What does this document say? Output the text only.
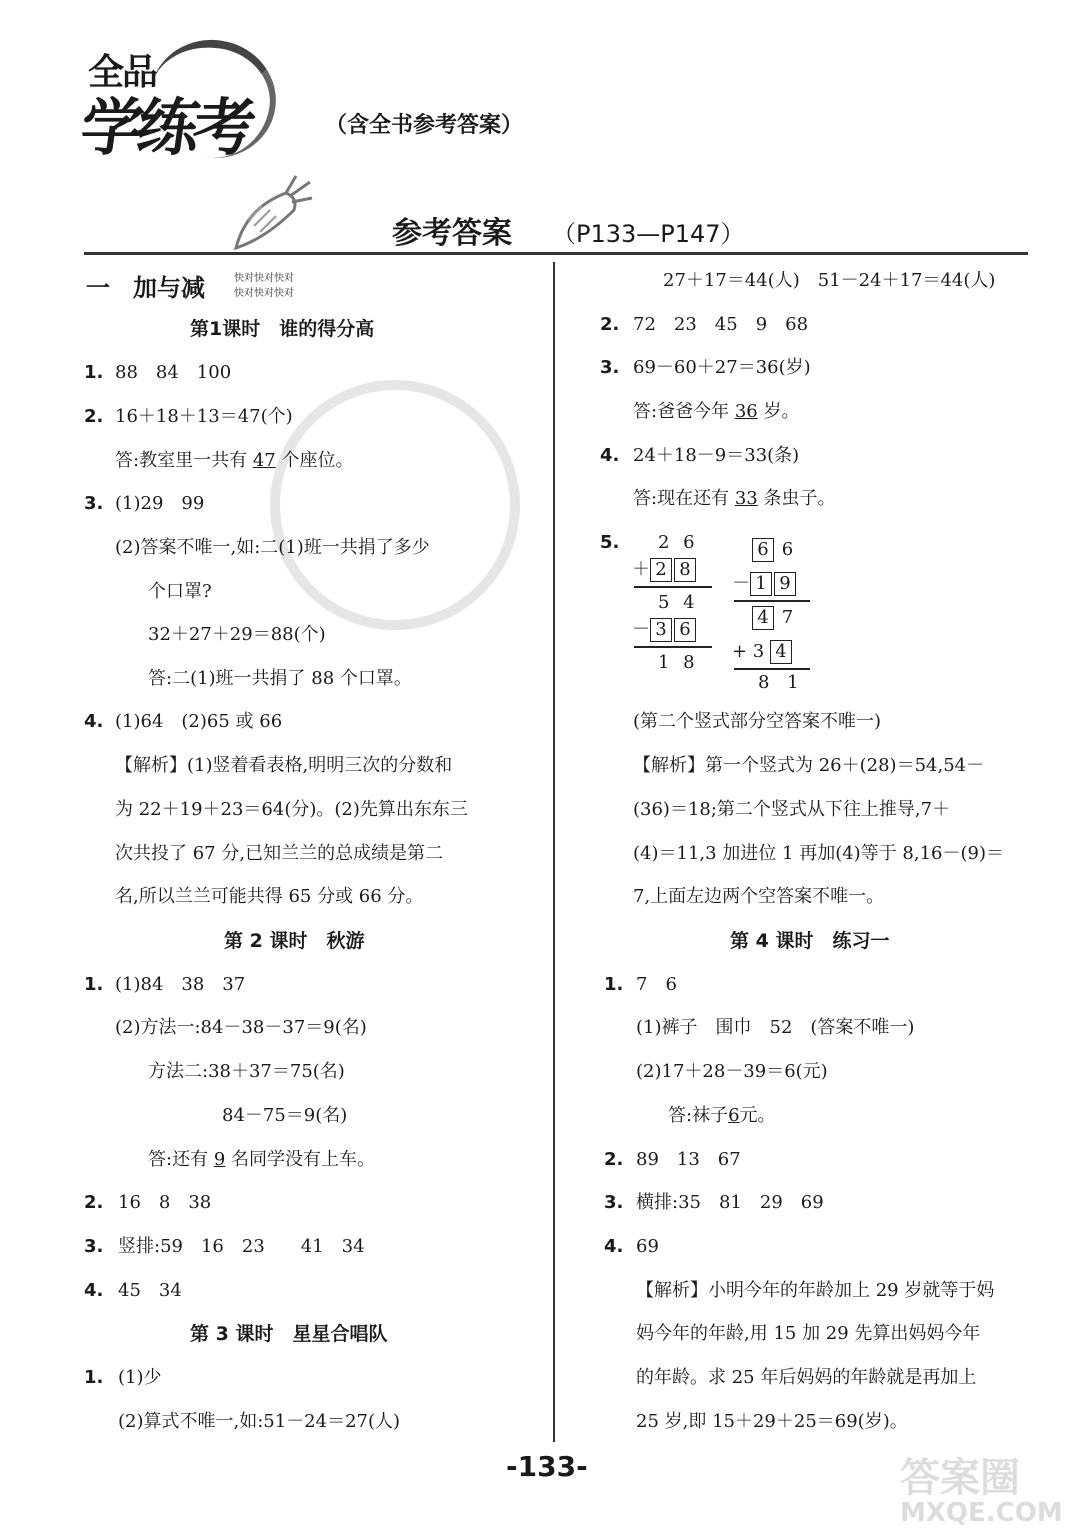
全品
学练考	（含全书参考答案）
参考答案 （P133—P147）
一 加与减	快对快对快对
快对快对快对
第1课时　谁的得分高
1. 88　84　100
2. 16＋18＋13＝47(个)
答:教室里一共有 47 个座位。
3. (1)29　99
(2)答案不唯一,如:二(1)班一共捐了多少
个口罩?
32＋27＋29＝88(个)
答:二(1)班一共捐了 88 个口罩。
4. (1)64　(2)65 或 66
【解析】(1)竖着看表格,明明三次的分数和
为 22＋19＋23＝64(分)。(2)先算出东东三
次共投了 67 分,已知兰兰的总成绩是第二
名,所以兰兰可能共得 65 分或 66 分。
第 2 课时　秋游
1. (1)84　38　37
(2)方法一:84－38－37＝9(名)
方法二:38＋37＝75(名)
84－75＝9(名)
答:还有 9 名同学没有上车。
2. 16　8　38
3. 竖排:59　16　23　　41　34
4. 45　34
第 3 课时　星星合唱队
1. (1)少
(2)算式不唯一,如:51－24＝27(人)
27＋17＝44(人)　51－24＋17＝44(人)
2. 72　23　45　9　68
3. 69－60＋27＝36(岁)
答:爸爸今年 36 岁。
4. 24＋18－9＝33(条)
答:现在还有 33 条虫子。
5. 2 6
＋ 2 8
5 4
－ 3 6
1 8
6 6
－ 1 9
4 7
+ 3 4
8 1
(第二个竖式部分空答案不唯一)
【解析】第一个竖式为 26＋(28)＝54,54－
(36)＝18;第二个竖式从下往上推导,7＋
(4)＝11,3 加进位 1 再加(4)等于 8,16－(9)＝
7,上面左边两个空答案不唯一。
第 4 课时　练习一
1. 7　6
(1)裤子　围巾　52　(答案不唯一)
(2)17＋28－39＝6(元)
答:袜子6元。
2. 89　13　67
3. 横排:35　81　29　69
4. 69
【解析】小明今年的年龄加上 29 岁就等于妈
妈今年的年龄,用 15 加 29 先算出妈妈今年
的年龄。求 25 年后妈妈的年龄就是再加上
25 岁,即 15＋29＋25＝69(岁)。
-133-	答案圈
MXQE.COM
